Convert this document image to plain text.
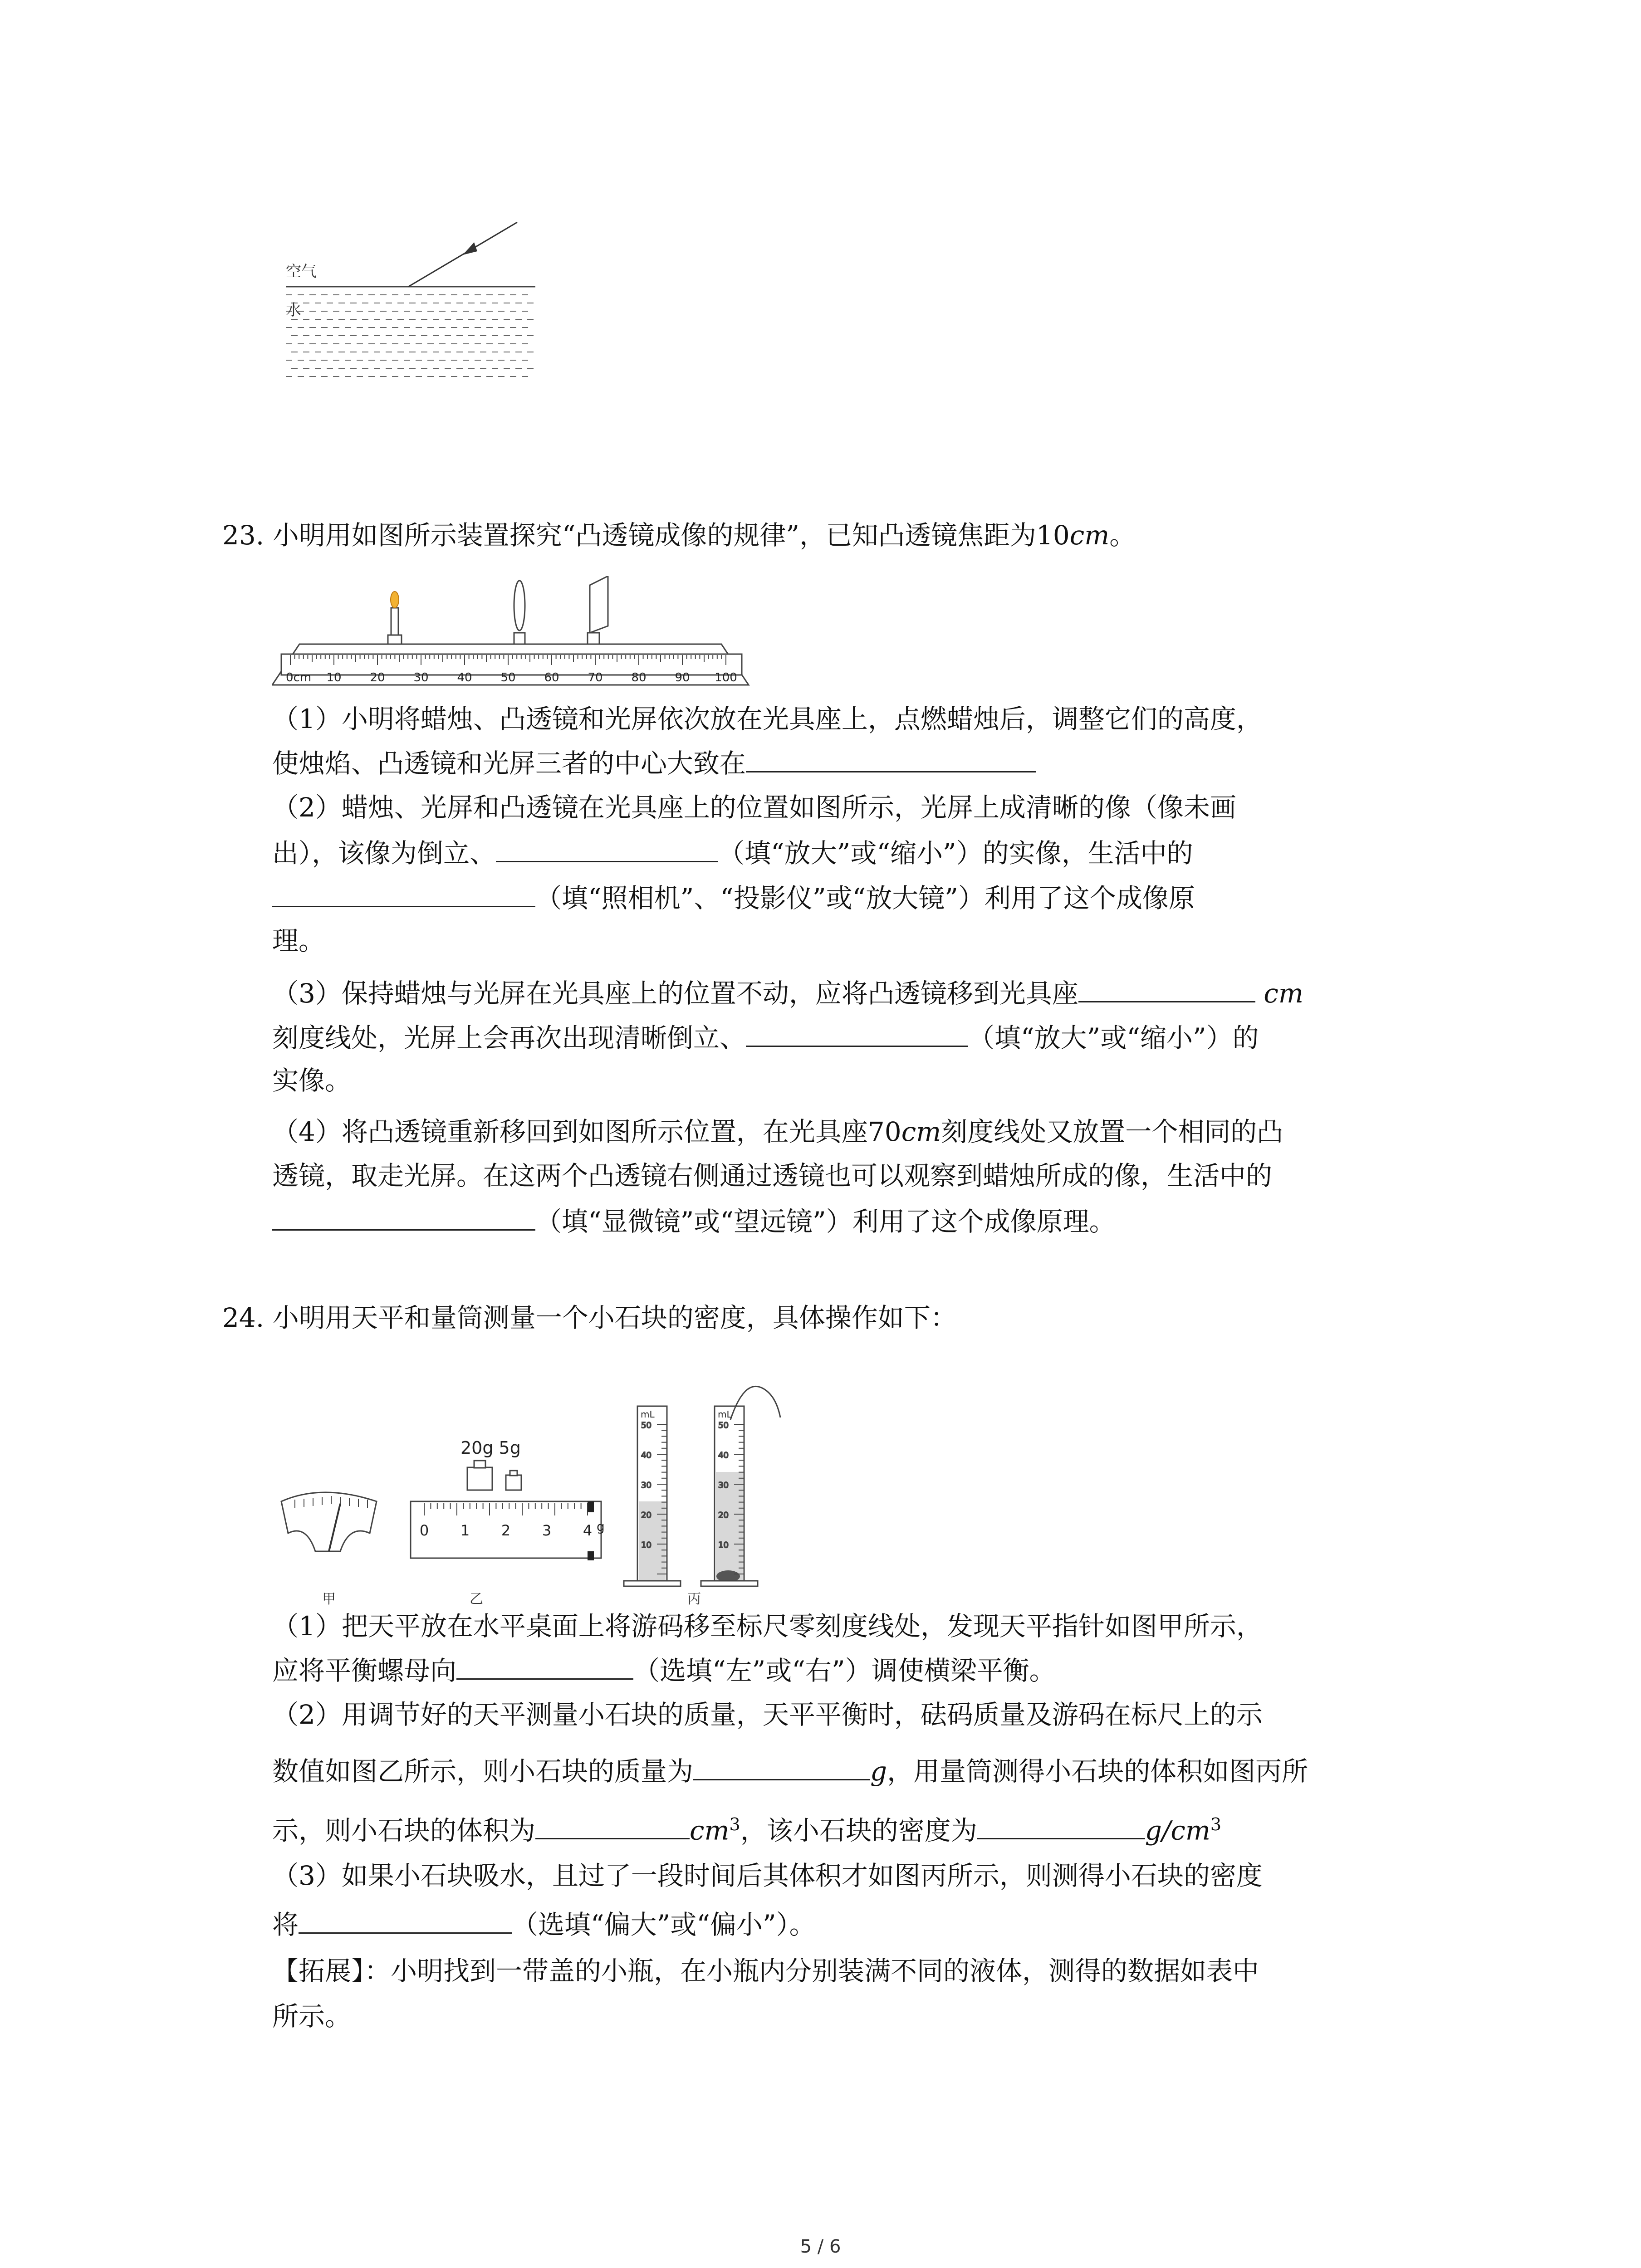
空气
水
23. 小明用如图所示装置探究“凸透镜成像的规律”，已知凸透镜焦距为10cm。
0cm 10 20 30 40 50 60 70 80 90 100
（1）小明将蜡烛、凸透镜和光屏依次放在光具座上，点燃蜡烛后，调整它们的高度，
使烛焰、凸透镜和光屏三者的中心大致在
（2）蜡烛、光屏和凸透镜在光具座上的位置如图所示，光屏上成清晰的像（像未画
出），该像为倒立、	（填“放大”或“缩小”）的实像，生活中的
（填“照相机”、“投影仪”或“放大镜”）利用了这个成像原
理。
（3）保持蜡烛与光屏在光具座上的位置不动，应将凸透镜移到光具座	cm
刻度线处，光屏上会再次出现清晰倒立、	（填“放大”或“缩小”）的
实像。
（4）将凸透镜重新移回到如图所示位置，在光具座70cm刻度线处又放置一个相同的凸
透镜，取走光屏。在这两个凸透镜右侧通过透镜也可以观察到蜡烛所成的像，生活中的
（填“显微镜”或“望远镜”）利用了这个成像原理。
24. 小明用天平和量筒测量一个小石块的密度，具体操作如下：
甲
20g 5g
0 1 2 3 4 g
乙
50
40
30
20
10
mL
50
40
30
20
10
mL
丙
（1）把天平放在水平桌面上将游码移至标尺零刻度线处，发现天平指针如图甲所示，
应将平衡螺母向	（选填“左”或“右”）调使横梁平衡。
（2）用调节好的天平测量小石块的质量，天平平衡时，砝码质量及游码在标尺上的示
数值如图乙所示，则小石块的质量为	g，用量筒测得小石块的体积如图丙所
示，则小石块的体积为	$cm^3$，该小石块的密度为	$g/cm^3$
（3）如果小石块吸水，且过了一段时间后其体积才如图丙所示，则测得小石块的密度
将	（选填“偏大”或“偏小”）。
【拓展】：小明找到一带盖的小瓶，在小瓶内分别装满不同的液体，测得的数据如表中
所示。
5 / 6
